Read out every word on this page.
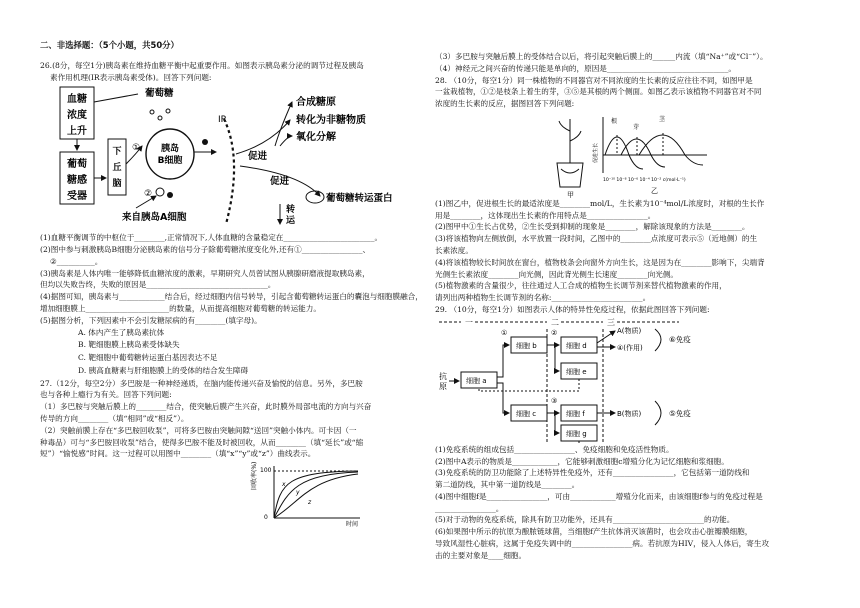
二、非选择题：（5个小题，共50分）

26.(8分，每空1分)胰岛素在维持血糖平衡中起重要作用。如图表示胰岛素分泌的调节过程及胰岛

素作用机理(IR表示胰岛素受体)。回答下列问题:

血糖
浓度
上升
葡萄
糖感
受器
下
丘
脑
葡萄糖
胰岛
B细胞
①
②
来自胰岛A细胞
IR
促进
促进
合成糖原
转化为非糖物质
氧化分解
葡萄糖转运蛋白
转
运

(1)血糖平衡调节的中枢位于________,正常情况下,人体血糖的含量稳定在________________________。

(2)图中参与刺激胰岛B细胞分泌胰岛素的信号分子除葡萄糖浓度变化外,还有①________________、

②__________。

(3)胰岛素是人体内唯一能够降低血糖浓度的激素，早期研究人员曾试图从胰腺研磨液提取胰岛素，

但均以失败告终，失败的原因是________________________________。

(4)据图可知，胰岛素与____________结合后，经过细胞内信号转导，引起含葡萄糖转运蛋白的囊泡与细胞膜融合，

增加细胞膜上______________________的数量，从而提高细胞对葡萄糖的转运能力。

(5)据图分析，下列因素中不会引发糖尿病的有________(填字母)。

A. 体内产生了胰岛素抗体

B. 靶细胞膜上胰岛素受体缺失

C. 靶细胞中葡萄糖转运蛋白基因表达不足

D. 胰高血糖素与肝细胞膜上的受体的结合发生障碍

27.（12分，每空2分）多巴胺是一种神经递质，在脑内能传递兴奋及愉悦的信息。另外，多巴胺

也与各种上瘾行为有关。回答下列问题:

（1）多巴胺与突触后膜上的________结合，使突触后膜产生兴奋，此时膜外局部电流的方向与兴奋

传导的方向________（填“相同”或“相反”）。

（2）突触前膜上存在“多巴胺回收泵”，可将多巴胺由突触间隙“送回”突触小体内。可卡因（一

种毒品）可与“多巴胺回收泵”结合，使得多巴胺不能及时被回收，从而________（填“延长”或“缩

短”）“愉悦感”时间。这一过程可以用图中________（填“x”“y”或“z”）曲线表示。

回收率(%) 100
0
x
y
z
时间

（3）多巴胺与突触后膜上的受体结合以后，将引起突触后膜上的______内流（填“Na⁺”或“Cl⁻”）。

（4）神经元之间兴奋的传递只能是单向的，原因是________________________________。

28. （10分，每空1分）同一株植物的不同器官对不同浓度的生长素的反应往往不同，如图甲是

一盆栽植物，①②是枝条上着生的芽，③⑤是其根的两个侧面。如图乙表示该植物不同器官对不同

浓度的生长素的反应，据图回答下列问题:

甲
促进生长
根
芽
茎
10⁻¹⁰ 10⁻⁸ 10⁻⁶ 10⁻⁴ 10⁻² c(mol·L⁻¹)
乙

(1)图乙中，促进根生长的最适浓度是________mol/L，生长素为10⁻⁴mol/L浓度时，对根的生长作

用是________，这体现出生长素的作用特点是________________。

(2)图甲中①生长占优势，②生长受到抑制的现象是________，解除该现象的方法是________。

(3)将该植物向左侧放倒，水平放置一段时间，乙图中的________点浓度可表示⑤（近地侧）的生

长素浓度。

(4)将该植物较长时间放在窗台，植物枝条会向窗外方向生长，这是因为在________影响下，尖端背

光侧生长素浓度________向光侧，因此背光侧生长速度________向光侧。

(5)植物激素的含量很少，往往通过人工合成的植物生长调节剂来替代植物激素的作用，

请列出两种植物生长调节剂的名称:________________________。

29. （10分，每空1分）如图表示人体的特异性免疫过程，依据此图回答下列问题:

一	二	三
抗
原
细胞 a
细胞 b
①
细胞 d
细胞 e
②	A(物质)
④(作用)
⑥免疫
细胞 c	细胞 f
细胞 g
③
B(物质)	⑤免疫

(1)免疫系统的组成包括________________、免疫细胞和免疫活性物质。

(2)图中A表示的物质是____________，它能够刺激细胞c增殖分化为记忆细胞和浆细胞。

(3)免疫系统的防卫功能除了上述特异性免疫外，还有________________，它包括第一道防线和

第二道防线，其中第一道防线是________。

(4)图中细胞f是________________，可由____________增殖分化而来，由该细胞f参与的免疫过程是

________________。

(5)对于动物的免疫系统，除具有防卫功能外，还具有________________________的功能。

(6)如果图中所示的抗原为酿脓链球菌，当细胞f产生抗体消灭该菌时，也会攻击心脏瓣膜细胞，

导致风湿性心脏病，这属于免疫失调中的________________病。若抗原为HIV，侵入人体后，寄生攻

击的主要对象是____细胞。
